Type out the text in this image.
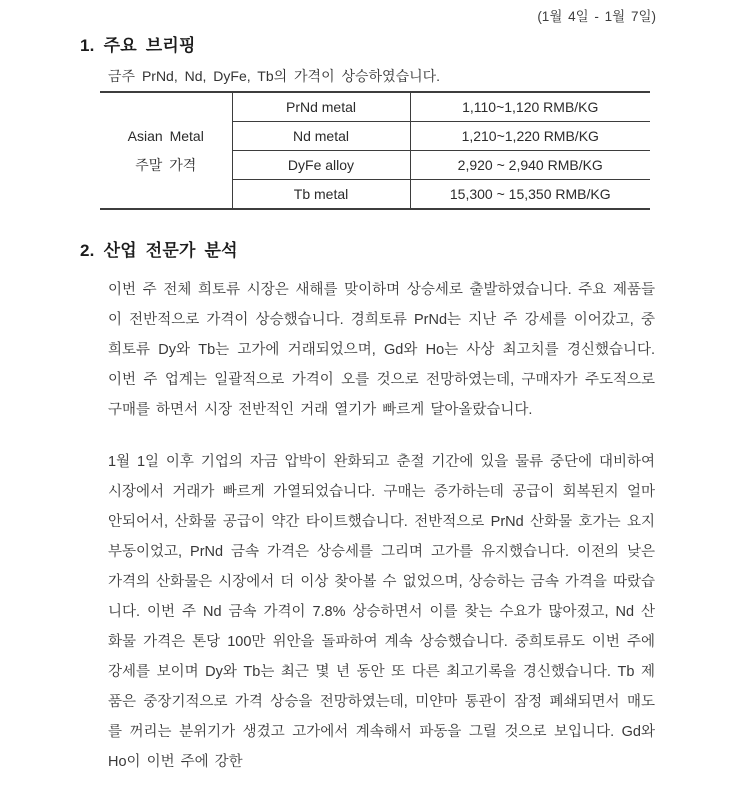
(1월 4일 - 1월 7일)
1. 주요 브리핑
금주 PrNd, Nd, DyFe, Tb의 가격이 상승하였습니다.
Asian Metal
주말 가격	PrNd metal	1,110~1,120 RMB/KG
	Nd metal	1,210~1,220 RMB/KG
	DyFe alloy	2,920 ~ 2,940 RMB/KG
	Tb metal	15,300 ~ 15,350 RMB/KG
2. 산업 전문가 분석
이번 주 전체 희토류 시장은 새해를 맞이하며 상승세로 출발하였습니다. 주요 제품들이 전반적으로 가격이 상승했습니다. 경희토류 PrNd는 지난 주 강세를 이어갔고, 중희토류 Dy와 Tb는 고가에 거래되었으며, Gd와 Ho는 사상 최고치를 경신했습니다. 이번 주 업계는 일괄적으로 가격이 오를 것으로 전망하였는데, 구매자가 주도적으로 구매를 하면서 시장 전반적인 거래 열기가 빠르게 달아올랐습니다.
1월 1일 이후 기업의 자금 압박이 완화되고 춘절 기간에 있을 물류 중단에 대비하여 시장에서 거래가 빠르게 가열되었습니다. 구매는 증가하는데 공급이 회복된지 얼마 안되어서, 산화물 공급이 약간 타이트했습니다. 전반적으로 PrNd 산화물 호가는 요지부동이었고, PrNd 금속 가격은 상승세를 그리며 고가를 유지했습니다. 이전의 낮은 가격의 산화물은 시장에서 더 이상 찾아볼 수 없었으며, 상승하는 금속 가격을 따랐습니다. 이번 주 Nd 금속 가격이 7.8% 상승하면서 이를 찾는 수요가 많아졌고, Nd 산화물 가격은 톤당 100만 위안을 돌파하여 계속 상승했습니다. 중희토류도 이번 주에 강세를 보이며 Dy와 Tb는 최근 몇 년 동안 또 다른 최고기록을 경신했습니다. Tb 제품은 중장기적으로 가격 상승을 전망하였는데, 미얀마 통관이 잠정 폐쇄되면서 매도를 꺼리는 분위기가 생겼고 고가에서 계속해서 파동을 그릴 것으로 보입니다. Gd와 Ho이 이번 주에 강한
